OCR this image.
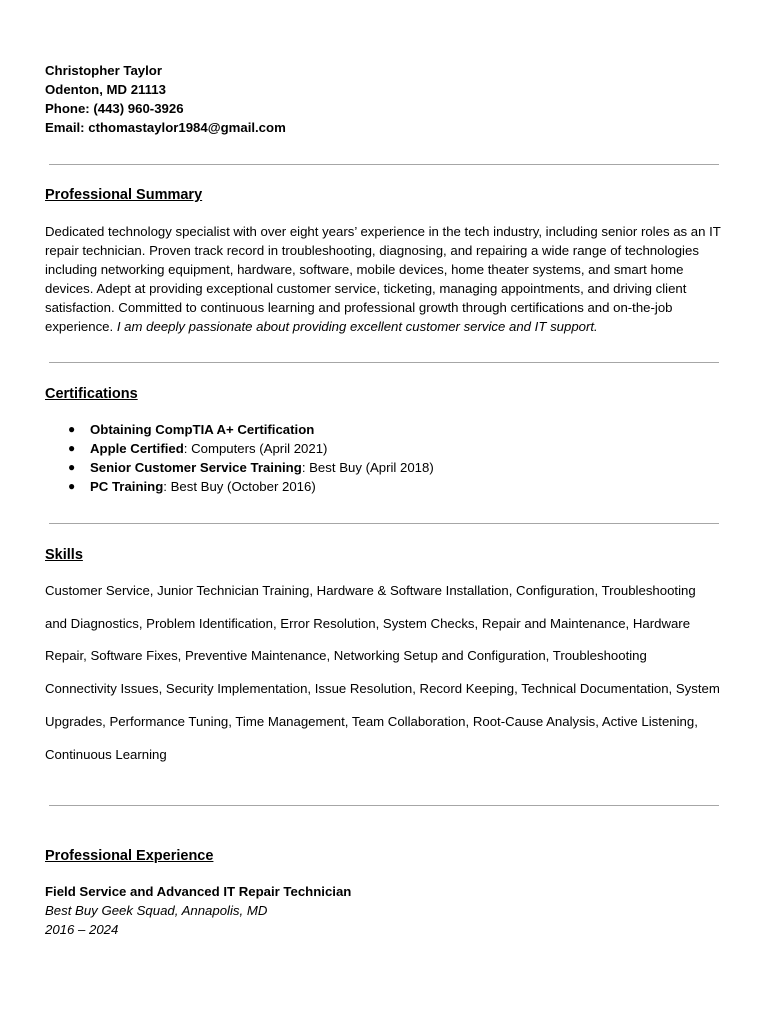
Christopher Taylor
Odenton, MD 21113
Phone: (443) 960-3926
Email: cthomastaylor1984@gmail.com
Professional Summary

Dedicated technology specialist with over eight years’ experience in the tech industry, including senior roles as an IT repair technician. Proven track record in troubleshooting, diagnosing, and repairing a wide range of technologies including networking equipment, hardware, software, mobile devices, home theater systems, and smart home devices. Adept at providing exceptional customer service, ticketing, managing appointments, and driving client satisfaction. Committed to continuous learning and professional growth through certifications and on-the-job experience. I am deeply passionate about providing excellent customer service and IT support.

Certifications
● Obtaining CompTIA A+ Certification
● Apple Certified: Computers (April 2021)
● Senior Customer Service Training: Best Buy (April 2018)
● PC Training: Best Buy (October 2016)
Skills

Customer Service, Junior Technician Training, Hardware & Software Installation, Configuration, Troubleshooting and Diagnostics, Problem Identification, Error Resolution, System Checks, Repair and Maintenance, Hardware Repair, Software Fixes, Preventive Maintenance, Networking Setup and Configuration, Troubleshooting Connectivity Issues, Security Implementation, Issue Resolution, Record Keeping, Technical Documentation, System Upgrades, Performance Tuning, Time Management, Team Collaboration, Root-Cause Analysis, Active Listening, Continuous Learning

Professional Experience
Field Service and Advanced IT Repair Technician
Best Buy Geek Squad, Annapolis, MD
2016 – 2024
